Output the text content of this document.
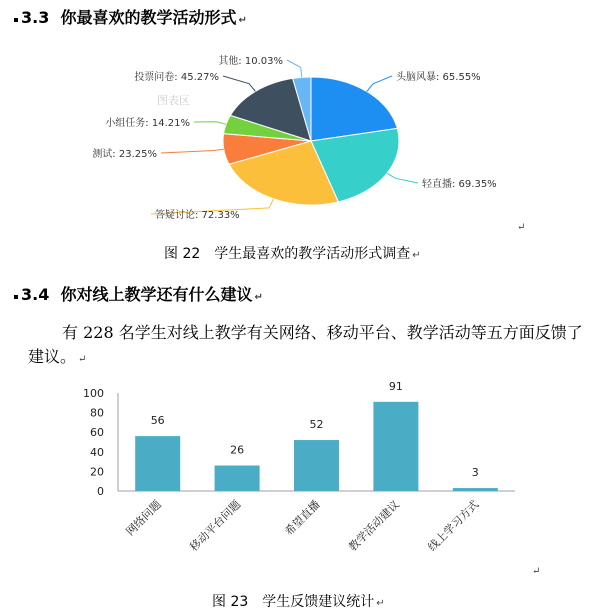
3.3 你最喜欢的教学活动形式 ↵
头脑风暴: 65.55%
轻直播: 69.35%
答疑讨论: 72.33%
测试: 23.25%
小组任务: 14.21%
投票问卷: 45.27%
其他: 10.03%
图表区
图 22　学生最喜欢的教学活动形式调查 ↵
↵
3.4 你对线上教学还有什么建议 ↵
有 228 名学生对线上教学有关网络、移动平台、教学活动等五方面反馈了建议。 ↵
0
20
40
60
80
100
56
网络问题
26
移动平台问题
52
希望直播
91
教学活动建议
3
线上学习方式
图 23　学生反馈建议统计 ↵
↵
